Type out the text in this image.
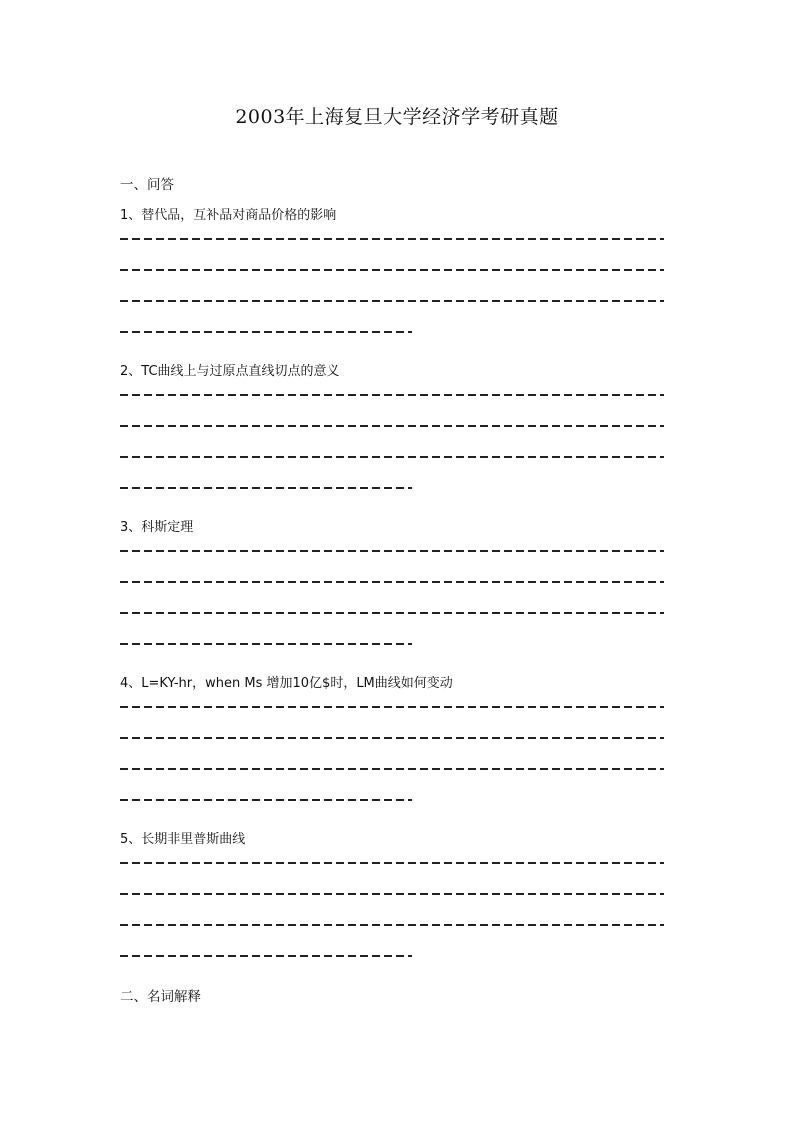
2003年上海复旦大学经济学考研真题
一、问答
1、替代品，互补品对商品价格的影响
2、TC曲线上与过原点直线切点的意义
3、科斯定理
4、L=KY-hr，when Ms 增加10亿$时，LM曲线如何变动
5、长期非里普斯曲线
二、名词解释
